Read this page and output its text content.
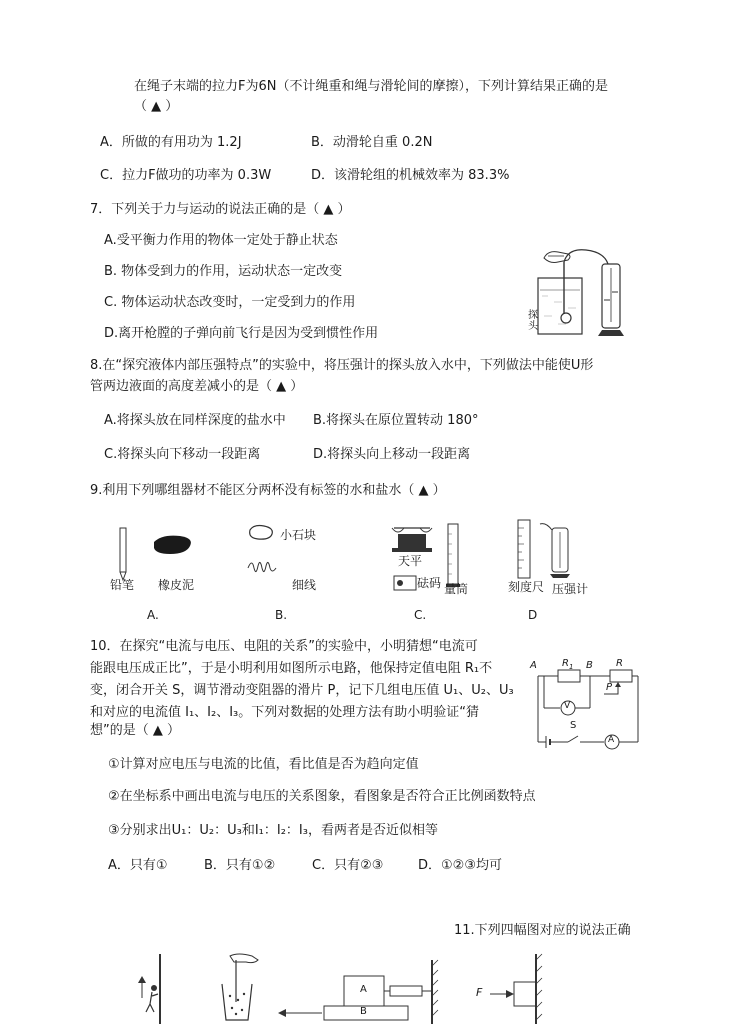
在绳子末端的拉力F为6N（不计绳重和绳与滑轮间的摩擦），下列计算结果正确的是
（ ▲ ）
A．所做的有用功为 1.2J	B．动滑轮自重 0.2N
C．拉力F做功的功率为 0.3W	D．该滑轮组的机械效率为 83.3%
7．下列关于力与运动的说法正确的是（ ▲ ）
A.受平衡力作用的物体一定处于静止状态
B. 物体受到力的作用，运动状态一定改变
C. 物体运动状态改变时，一定受到力的作用
D.离开枪膛的子弹向前飞行是因为受到惯性作用
探头
8.在“探究液体内部压强特点”的实验中，将压强计的探头放入水中，下列做法中能使U形
管两边液面的高度差减小的是（ ▲ ）
A.将探头放在同样深度的盐水中 B.将探头在原位置转动 180°
C.将探头向下移动一段距离	D.将探头向上移动一段距离
9.利用下列哪组器材不能区分两杯没有标签的水和盐水（ ▲ ）
铅笔 橡皮泥
A.
小石块
细线
B.
天平
砝码 量筒
C.
刻度尺 压强计
D
10．在探究“电流与电压、电阻的关系”的实验中，小明猜想“电流可
能跟电压成正比”，于是小明利用如图所示电路，他保持定值电阻 R₁不
变，闭合开关 S，调节滑动变阻器的滑片 P，记下几组电压值 U₁、U₂、U₃
和对应的电流值 I₁、I₂、I₃。下列对数据的处理方法有助小明验证“猜
想”的是（ ▲ ）
A	$R_1$ B R
P
V
S
A
①计算对应电压与电流的比值，看比值是否为趋向定值
②在坐标系中画出电流与电压的关系图象，看图象是否符合正比例函数特点
③分别求出U₁：U₂：U₃和I₁：I₂：I₃，看两者是否近似相等
A．只有①	B．只有①②	C．只有②③	D．①②③均可
11.下列四幅图对应的说法正确
A
B
F
